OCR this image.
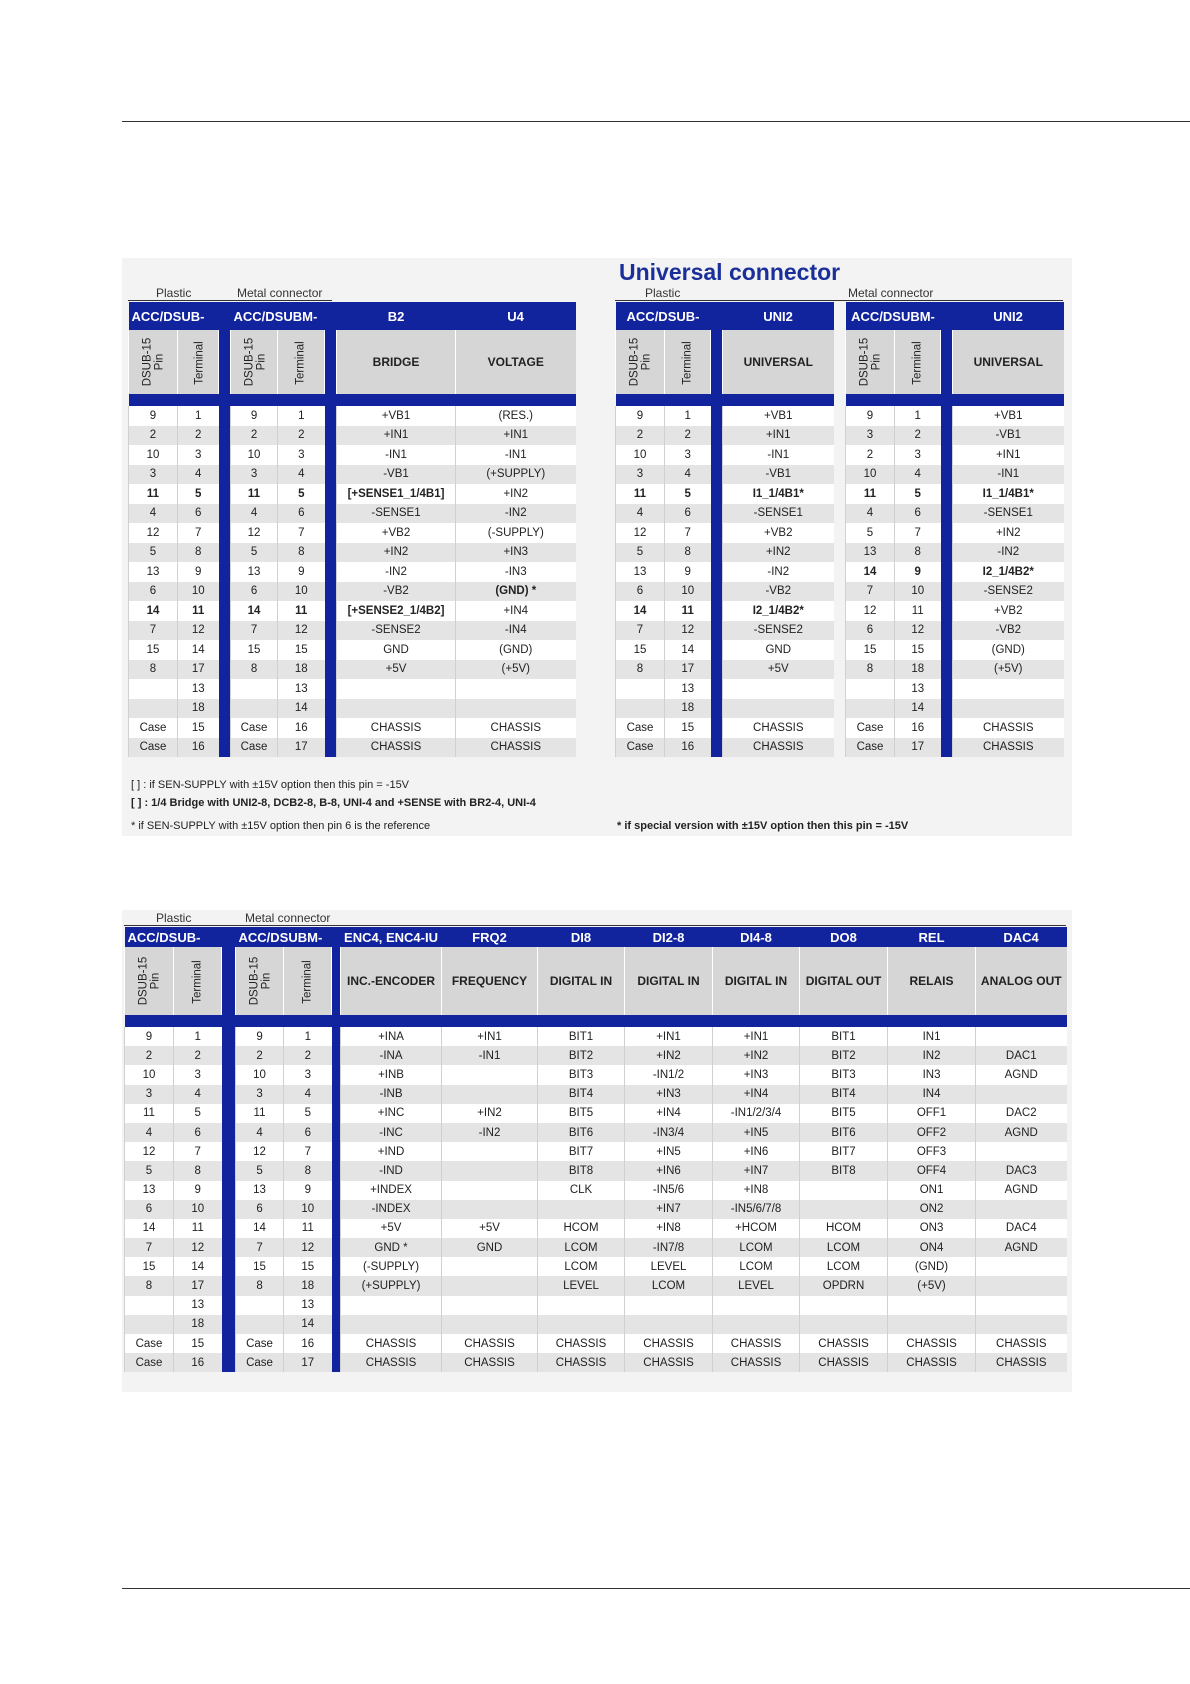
Universal connector
Plastic	Metal connector	Plastic	Metal connector
ACC/DSUB-			ACC/DSUBM-			B2	U4
DSUB-15
Pin	Terminal		DSUB-15
Pin	Terminal		BRIDGE	VOLTAGE

9	1		9	1		+VB1	(RES.)
2	2		2	2		+IN1	+IN1
10	3		10	3		-IN1	-IN1
3	4		3	4		-VB1	(+SUPPLY)
11	5		11	5		[+SENSE1_1/4B1]	+IN2
4	6		4	6		-SENSE1	-IN2
12	7		12	7		+VB2	(-SUPPLY)
5	8		5	8		+IN2	+IN3
13	9		13	9		-IN2	-IN3
6	10		6	10		-VB2	(GND) *
14	11		14	11		[+SENSE2_1/4B2]	+IN4
7	12		7	12		-SENSE2	-IN4
15	14		15	15		GND	(GND)
8	17		8	18		+5V	(+5V)
	13			13			
	18			14			
Case	15		Case	16		CHASSIS	CHASSIS
Case	16		Case	17		CHASSIS	CHASSIS
ACC/DSUB-			UNI2
DSUB-15
Pin	Terminal		UNIVERSAL

9	1		+VB1
2	2		+IN1
10	3		-IN1
3	4		-VB1
11	5		I1_1/4B1*
4	6		-SENSE1
12	7		+VB2
5	8		+IN2
13	9		-IN2
6	10		-VB2
14	11		I2_1/4B2*
7	12		-SENSE2
15	14		GND
8	17		+5V
	13		
	18		
Case	15		CHASSIS
Case	16		CHASSIS
ACC/DSUBM-			UNI2
DSUB-15
Pin	Terminal		UNIVERSAL

9	1		+VB1
3	2		-VB1
2	3		+IN1
10	4		-IN1
11	5		I1_1/4B1*
4	6		-SENSE1
5	7		+IN2
13	8		-IN2
14	9		I2_1/4B2*
7	10		-SENSE2
12	11		+VB2
6	12		-VB2
15	15		(GND)
8	18		(+5V)
	13		
	14		
Case	16		CHASSIS
Case	17		CHASSIS
[ ] : if SEN-SUPPLY with ±15V option then this pin = -15V
[ ] : 1/4 Bridge with UNI2-8, DCB2-8, B-8, UNI-4 and +SENSE with BR2-4, UNI-4
* if SEN-SUPPLY with ±15V option then pin 6 is the reference	* if special version with ±15V option then this pin = -15V
Plastic	Metal connector
ACC/DSUB-			ACC/DSUBM-			ENC4, ENC4-IU	FRQ2	DI8	DI2-8	DI4-8	DO8	REL	DAC4
DSUB-15
Pin	Terminal		DSUB-15
Pin	Terminal		INC.-ENCODER	FREQUENCY	DIGITAL IN	DIGITAL IN	DIGITAL IN	DIGITAL OUT	RELAIS	ANALOG OUT

9	1		9	1		+INA	+IN1	BIT1	+IN1	+IN1	BIT1	IN1	
2	2		2	2		-INA	-IN1	BIT2	+IN2	+IN2	BIT2	IN2	DAC1
10	3		10	3		+INB		BIT3	-IN1/2	+IN3	BIT3	IN3	AGND
3	4		3	4		-INB		BIT4	+IN3	+IN4	BIT4	IN4	
11	5		11	5		+INC	+IN2	BIT5	+IN4	-IN1/2/3/4	BIT5	OFF1	DAC2
4	6		4	6		-INC	-IN2	BIT6	-IN3/4	+IN5	BIT6	OFF2	AGND
12	7		12	7		+IND		BIT7	+IN5	+IN6	BIT7	OFF3	
5	8		5	8		-IND		BIT8	+IN6	+IN7	BIT8	OFF4	DAC3
13	9		13	9		+INDEX		CLK	-IN5/6	+IN8		ON1	AGND
6	10		6	10		-INDEX			+IN7	-IN5/6/7/8		ON2	
14	11		14	11		+5V	+5V	HCOM	+IN8	+HCOM	HCOM	ON3	DAC4
7	12		7	12		GND *	GND	LCOM	-IN7/8	LCOM	LCOM	ON4	AGND
15	14		15	15		(-SUPPLY)		LCOM	LEVEL	LCOM	LCOM	(GND)	
8	17		8	18		(+SUPPLY)		LEVEL	LCOM	LEVEL	OPDRN	(+5V)	
	13			13									
	18			14									
Case	15		Case	16		CHASSIS	CHASSIS	CHASSIS	CHASSIS	CHASSIS	CHASSIS	CHASSIS	CHASSIS
Case	16		Case	17		CHASSIS	CHASSIS	CHASSIS	CHASSIS	CHASSIS	CHASSIS	CHASSIS	CHASSIS
